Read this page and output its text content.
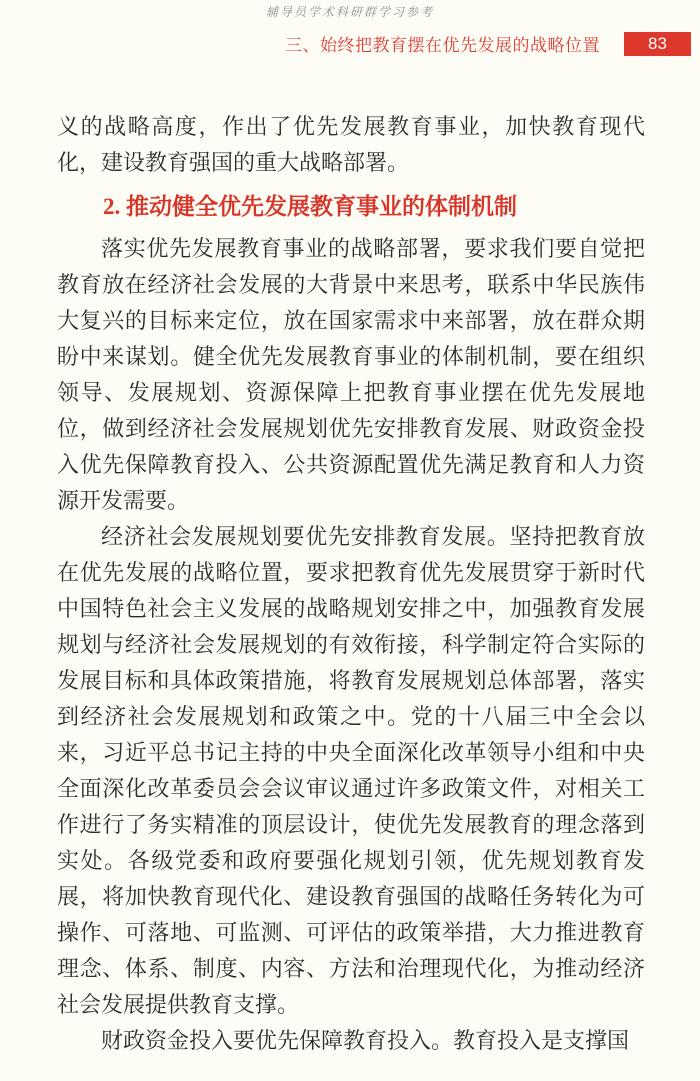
辅导员学术科研群学习参考
三、始终把教育摆在优先发展的战略位置	83

义的战略高度，作出了优先发展教育事业，加快教育现代化，建设教育强国的重大战略部署。

2. 推动健全优先发展教育事业的体制机制

落实优先发展教育事业的战略部署，要求我们要自觉把教育放在经济社会发展的大背景中来思考，联系中华民族伟大复兴的目标来定位，放在国家需求中来部署，放在群众期盼中来谋划。健全优先发展教育事业的体制机制，要在组织领导、发展规划、资源保障上把教育事业摆在优先发展地位，做到经济社会发展规划优先安排教育发展、财政资金投入优先保障教育投入、公共资源配置优先满足教育和人力资源开发需要。

经济社会发展规划要优先安排教育发展。坚持把教育放在优先发展的战略位置，要求把教育优先发展贯穿于新时代中国特色社会主义发展的战略规划安排之中，加强教育发展规划与经济社会发展规划的有效衔接，科学制定符合实际的发展目标和具体政策措施，将教育发展规划总体部署，落实到经济社会发展规划和政策之中。党的十八届三中全会以来，习近平总书记主持的中央全面深化改革领导小组和中央全面深化改革委员会会议审议通过许多政策文件，对相关工作进行了务实精准的顶层设计，使优先发展教育的理念落到实处。各级党委和政府要强化规划引领，优先规划教育发展，将加快教育现代化、建设教育强国的战略任务转化为可操作、可落地、可监测、可评估的政策举措，大力推进教育理念、体系、制度、内容、方法和治理现代化，为推动经济社会发展提供教育支撑。

财政资金投入要优先保障教育投入。教育投入是支撑国
